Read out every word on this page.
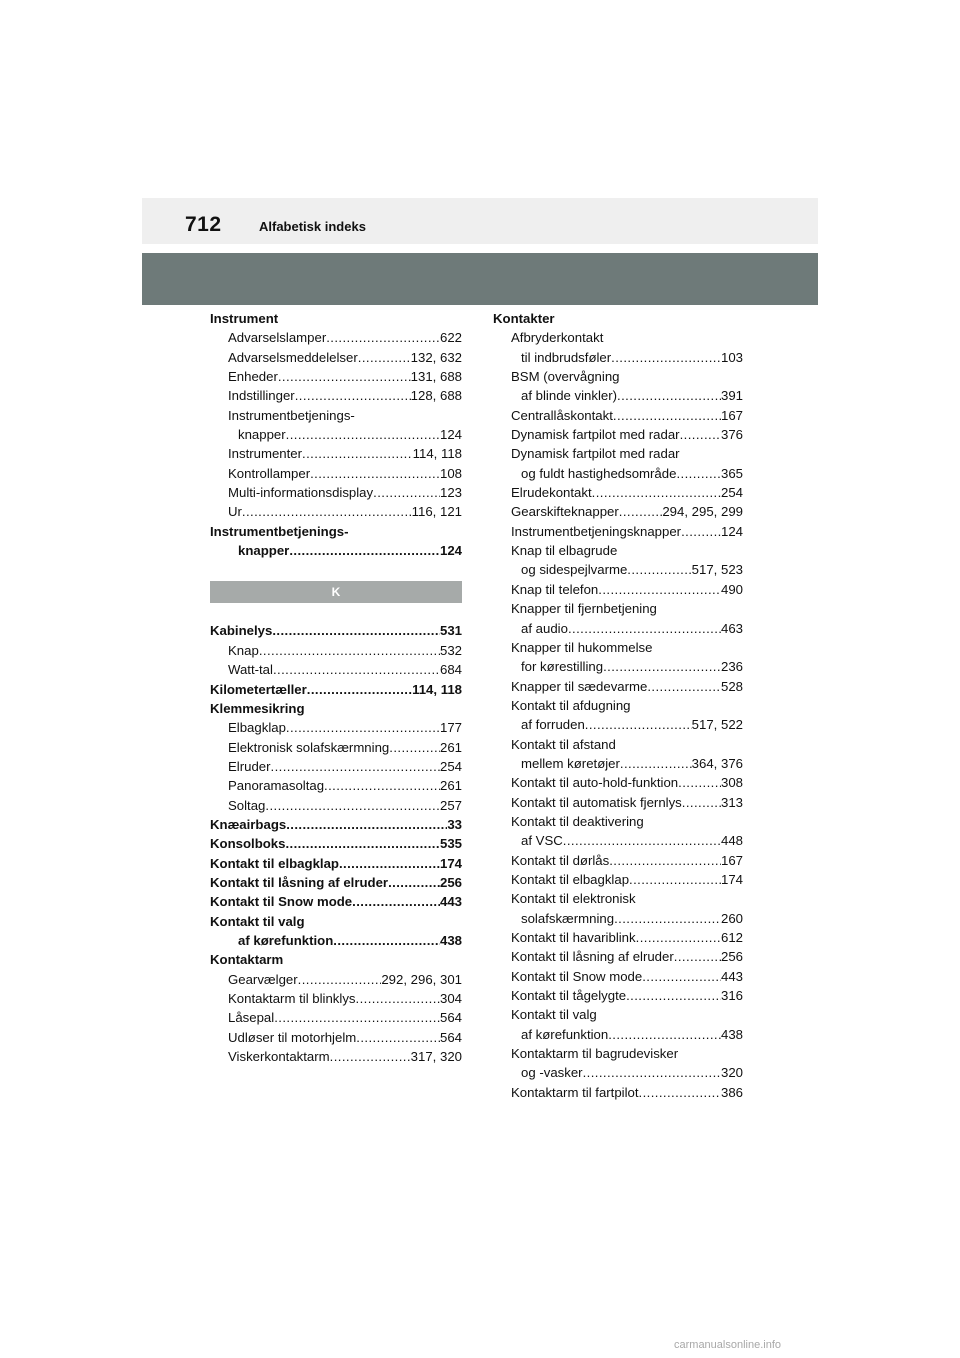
712	Alfabetisk indeks
Instrument
Advarselslamper .....	622
Advarselsmeddelelser .....	132, 632
Enheder .....	131, 688
Indstillinger .....	128, 688
Instrumentbetjenings-
knapper .....	124
Instrumenter .....	114, 118
Kontrollamper .....	108
Multi-informationsdisplay .....	123
Ur .....	116, 121
Instrumentbetjenings-
knapper .....	124
K
Kabinelys .....	531
Knap .....	532
Watt-tal .....	684
Kilometertæller .....	114, 118
Klemmesikring
Elbagklap .....	177
Elektronisk solafskærmning .....	261
Elruder .....	254
Panoramasoltag .....	261
Soltag .....	257
Knæairbags .....	33
Konsolboks .....	535
Kontakt til elbagklap .....	174
Kontakt til låsning af elruder .....	256
Kontakt til Snow mode .....	443
Kontakt til valg
af kørefunktion .....	438
Kontaktarm
Gearvælger .....	292, 296, 301
Kontaktarm til blinklys .....	304
Låsepal .....	564
Udløser til motorhjelm .....	564
Viskerkontaktarm .....	317, 320
Kontakter
Afbryderkontakt
til indbrudsføler .....	103
BSM (overvågning
af blinde vinkler) .....	391
Centrallåskontakt .....	167
Dynamisk fartpilot med radar .....	376
Dynamisk fartpilot med radar
og fuldt hastighedsområde .....	365
Elrudekontakt .....	254
Gearskifteknapper .....	294, 295, 299
Instrumentbetjeningsknapper .....	124
Knap til elbagrude
og sidespejlvarme .....	517, 523
Knap til telefon .....	490
Knapper til fjernbetjening
af audio .....	463
Knapper til hukommelse
for kørestilling .....	236
Knapper til sædevarme .....	528
Kontakt til afdugning
af forruden .....	517, 522
Kontakt til afstand
mellem køretøjer .....	364, 376
Kontakt til auto-hold-funktion .....	308
Kontakt til automatisk fjernlys .....	313
Kontakt til deaktivering
af VSC .....	448
Kontakt til dørlås .....	167
Kontakt til elbagklap .....	174
Kontakt til elektronisk
solafskærmning .....	260
Kontakt til havariblink .....	612
Kontakt til låsning af elruder .....	256
Kontakt til Snow mode .....	443
Kontakt til tågelygte .....	316
Kontakt til valg
af kørefunktion .....	438
Kontaktarm til bagrudevisker
og -vasker .....	320
Kontaktarm til fartpilot .....	386
carmanualsonline.info
